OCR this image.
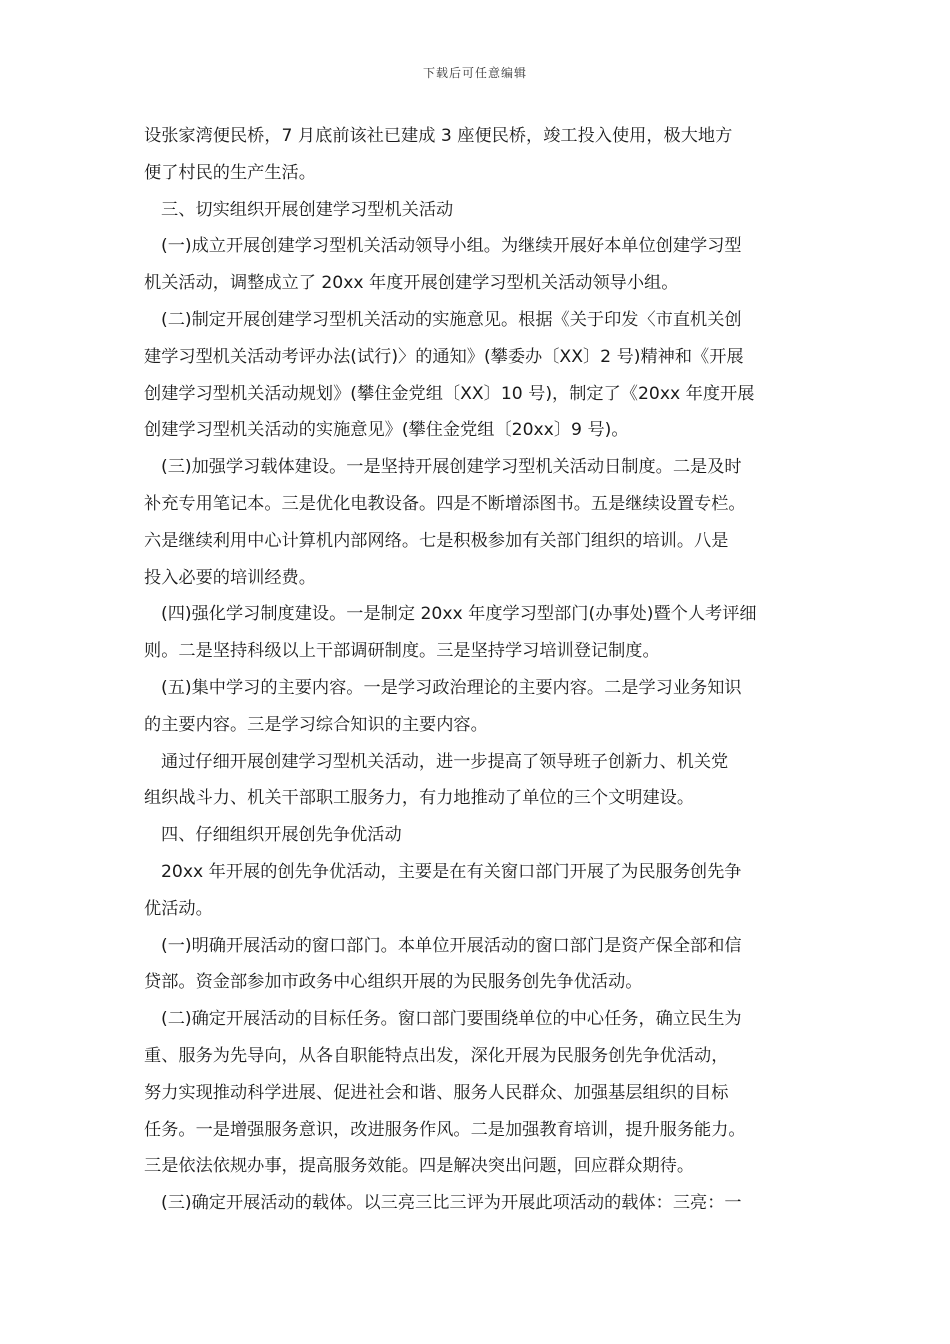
下载后可任意编辑
设张家湾便民桥，7 月底前该社已建成 3 座便民桥，竣工投入使用，极大地方
便了村民的生产生活。
三、切实组织开展创建学习型机关活动
(一)成立开展创建学习型机关活动领导小组。为继续开展好本单位创建学习型
机关活动，调整成立了 20xx 年度开展创建学习型机关活动领导小组。
(二)制定开展创建学习型机关活动的实施意见。根据《关于印发〈市直机关创
建学习型机关活动考评办法(试行)〉的通知》(攀委办〔XX〕2 号)精神和《开展
创建学习型机关活动规划》(攀住金党组〔XX〕10 号)，制定了《20xx 年度开展
创建学习型机关活动的实施意见》(攀住金党组〔20xx〕9 号)。
(三)加强学习载体建设。一是坚持开展创建学习型机关活动日制度。二是及时
补充专用笔记本。三是优化电教设备。四是不断增添图书。五是继续设置专栏。
六是继续利用中心计算机内部网络。七是积极参加有关部门组织的培训。八是
投入必要的培训经费。
(四)强化学习制度建设。一是制定 20xx 年度学习型部门(办事处)暨个人考评细
则。二是坚持科级以上干部调研制度。三是坚持学习培训登记制度。
(五)集中学习的主要内容。一是学习政治理论的主要内容。二是学习业务知识
的主要内容。三是学习综合知识的主要内容。
通过仔细开展创建学习型机关活动，进一步提高了领导班子创新力、机关党
组织战斗力、机关干部职工服务力，有力地推动了单位的三个文明建设。
四、仔细组织开展创先争优活动
20xx 年开展的创先争优活动，主要是在有关窗口部门开展了为民服务创先争
优活动。
(一)明确开展活动的窗口部门。本单位开展活动的窗口部门是资产保全部和信
贷部。资金部参加市政务中心组织开展的为民服务创先争优活动。
(二)确定开展活动的目标任务。窗口部门要围绕单位的中心任务，确立民生为
重、服务为先导向，从各自职能特点出发，深化开展为民服务创先争优活动，
努力实现推动科学进展、促进社会和谐、服务人民群众、加强基层组织的目标
任务。一是增强服务意识，改进服务作风。二是加强教育培训，提升服务能力。
三是依法依规办事，提高服务效能。四是解决突出问题，回应群众期待。
(三)确定开展活动的载体。以三亮三比三评为开展此项活动的载体：三亮：一
